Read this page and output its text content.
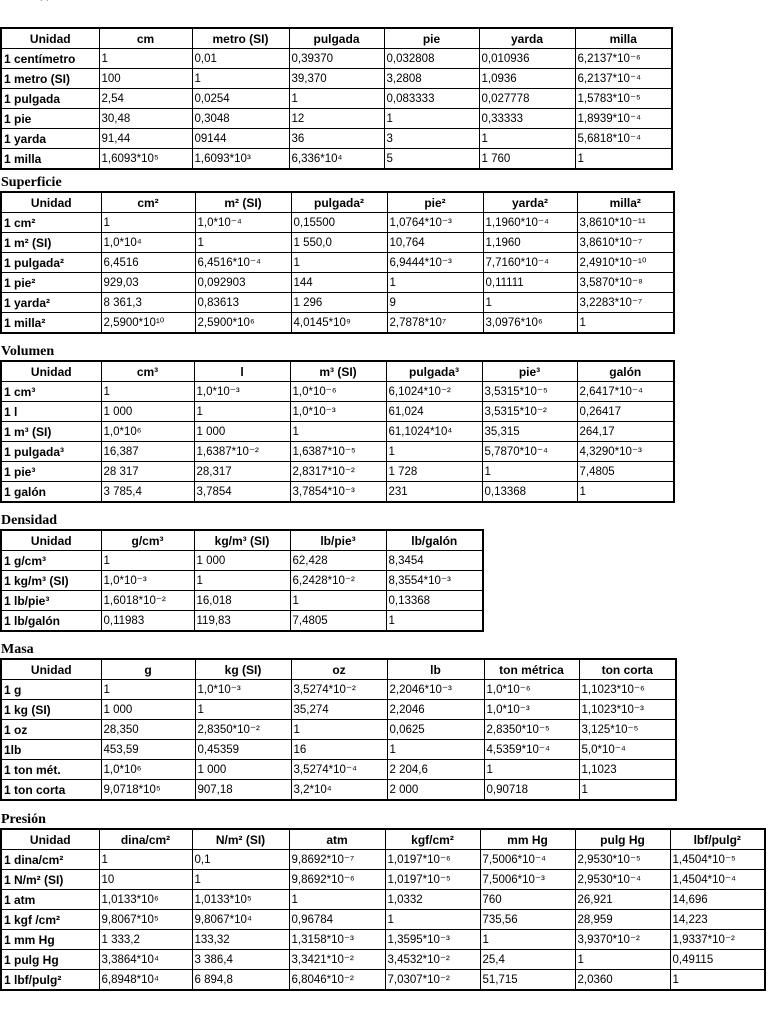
˙ ˙
Unidad	cm	metro (SI)	pulgada	pie	yarda	milla
1 centímetro	1	0,01	0,39370	0,032808	0,010936	6,2137*10⁻⁶
1 metro (SI)	100	1	39,370	3,2808	1,0936	6,2137*10⁻⁴
1 pulgada	2,54	0,0254	1	0,083333	0,027778	1,5783*10⁻⁵
1 pie	30,48	0,3048	12	1	0,33333	1,8939*10⁻⁴
1 yarda	91,44	09144	36	3	1	5,6818*10⁻⁴
1 milla	1,6093*10⁵	1,6093*10³	6,336*10⁴	5	1 760	1
Superficie
Unidad	cm²	m² (SI)	pulgada²	pie²	yarda²	milla²
1 cm²	1	1,0*10⁻⁴	0,15500	1,0764*10⁻³	1,1960*10⁻⁴	3,8610*10⁻¹¹
1 m² (SI)	1,0*10⁴	1	1 550,0	10,764	1,1960	3,8610*10⁻⁷
1 pulgada²	6,4516	6,4516*10⁻⁴	1	6,9444*10⁻³	7,7160*10⁻⁴	2,4910*10⁻¹⁰
1 pie²	929,03	0,092903	144	1	0,11111	3,5870*10⁻⁸
1 yarda²	8 361,3	0,83613	1 296	9	1	3,2283*10⁻⁷
1 milla²	2,5900*10¹⁰	2,5900*10⁶	4,0145*10⁹	2,7878*10⁷	3,0976*10⁶	1
Volumen
Unidad	cm³	l	m³ (SI)	pulgada³	pie³	galón
1 cm³	1	1,0*10⁻³	1,0*10⁻⁶	6,1024*10⁻²	3,5315*10⁻⁵	2,6417*10⁻⁴
1 l	1 000	1	1,0*10⁻³	61,024	3,5315*10⁻²	0,26417
1 m³ (SI)	1,0*10⁶	1 000	1	61,1024*10⁴	35,315	264,17
1 pulgada³	16,387	1,6387*10⁻²	1,6387*10⁻⁵	1	5,7870*10⁻⁴	4,3290*10⁻³
1 pie³	28 317	28,317	2,8317*10⁻²	1 728	1	7,4805
1 galón	3 785,4	3,7854	3,7854*10⁻³	231	0,13368	1
Densidad
Unidad	g/cm³	kg/m³ (SI)	lb/pie³	lb/galón
1 g/cm³	1	1 000	62,428	8,3454
1 kg/m³ (SI)	1,0*10⁻³	1	6,2428*10⁻²	8,3554*10⁻³
1 lb/pie³	1,6018*10⁻²	16,018	1	0,13368
1 lb/galón	0,11983	119,83	7,4805	1
Masa
Unidad	g	kg (SI)	oz	lb	ton métrica	ton corta
1 g	1	1,0*10⁻³	3,5274*10⁻²	2,2046*10⁻³	1,0*10⁻⁶	1,1023*10⁻⁶
1 kg (SI)	1 000	1	35,274	2,2046	1,0*10⁻³	1,1023*10⁻³
1 oz	28,350	2,8350*10⁻²	1	0,0625	2,8350*10⁻⁵	3,125*10⁻⁵
1lb	453,59	0,45359	16	1	4,5359*10⁻⁴	5,0*10⁻⁴
1 ton mét.	1,0*10⁶	1 000	3,5274*10⁻⁴	2 204,6	1	1,1023
1 ton corta	9,0718*10⁵	907,18	3,2*10⁴	2 000	0,90718	1
Presión
Unidad	dina/cm²	N/m² (SI)	atm	kgf/cm²	mm Hg	pulg Hg	lbf/pulg²
1 dina/cm²	1	0,1	9,8692*10⁻⁷	1,0197*10⁻⁶	7,5006*10⁻⁴	2,9530*10⁻⁵	1,4504*10⁻⁵
1 N/m² (SI)	10	1	9,8692*10⁻⁶	1,0197*10⁻⁵	7,5006*10⁻³	2,9530*10⁻⁴	1,4504*10⁻⁴
1 atm	1,0133*10⁶	1,0133*10⁵	1	1,0332	760	26,921	14,696
1 kgf /cm²	9,8067*10⁵	9,8067*10⁴	0,96784	1	735,56	28,959	14,223
1 mm Hg	1 333,2	133,32	1,3158*10⁻³	1,3595*10⁻³	1	3,9370*10⁻²	1,9337*10⁻²
1 pulg Hg	3,3864*10⁴	3 386,4	3,3421*10⁻²	3,4532*10⁻²	25,4	1	0,49115
1 lbf/pulg²	6,8948*10⁴	6 894,8	6,8046*10⁻²	7,0307*10⁻²	51,715	2,0360	1
